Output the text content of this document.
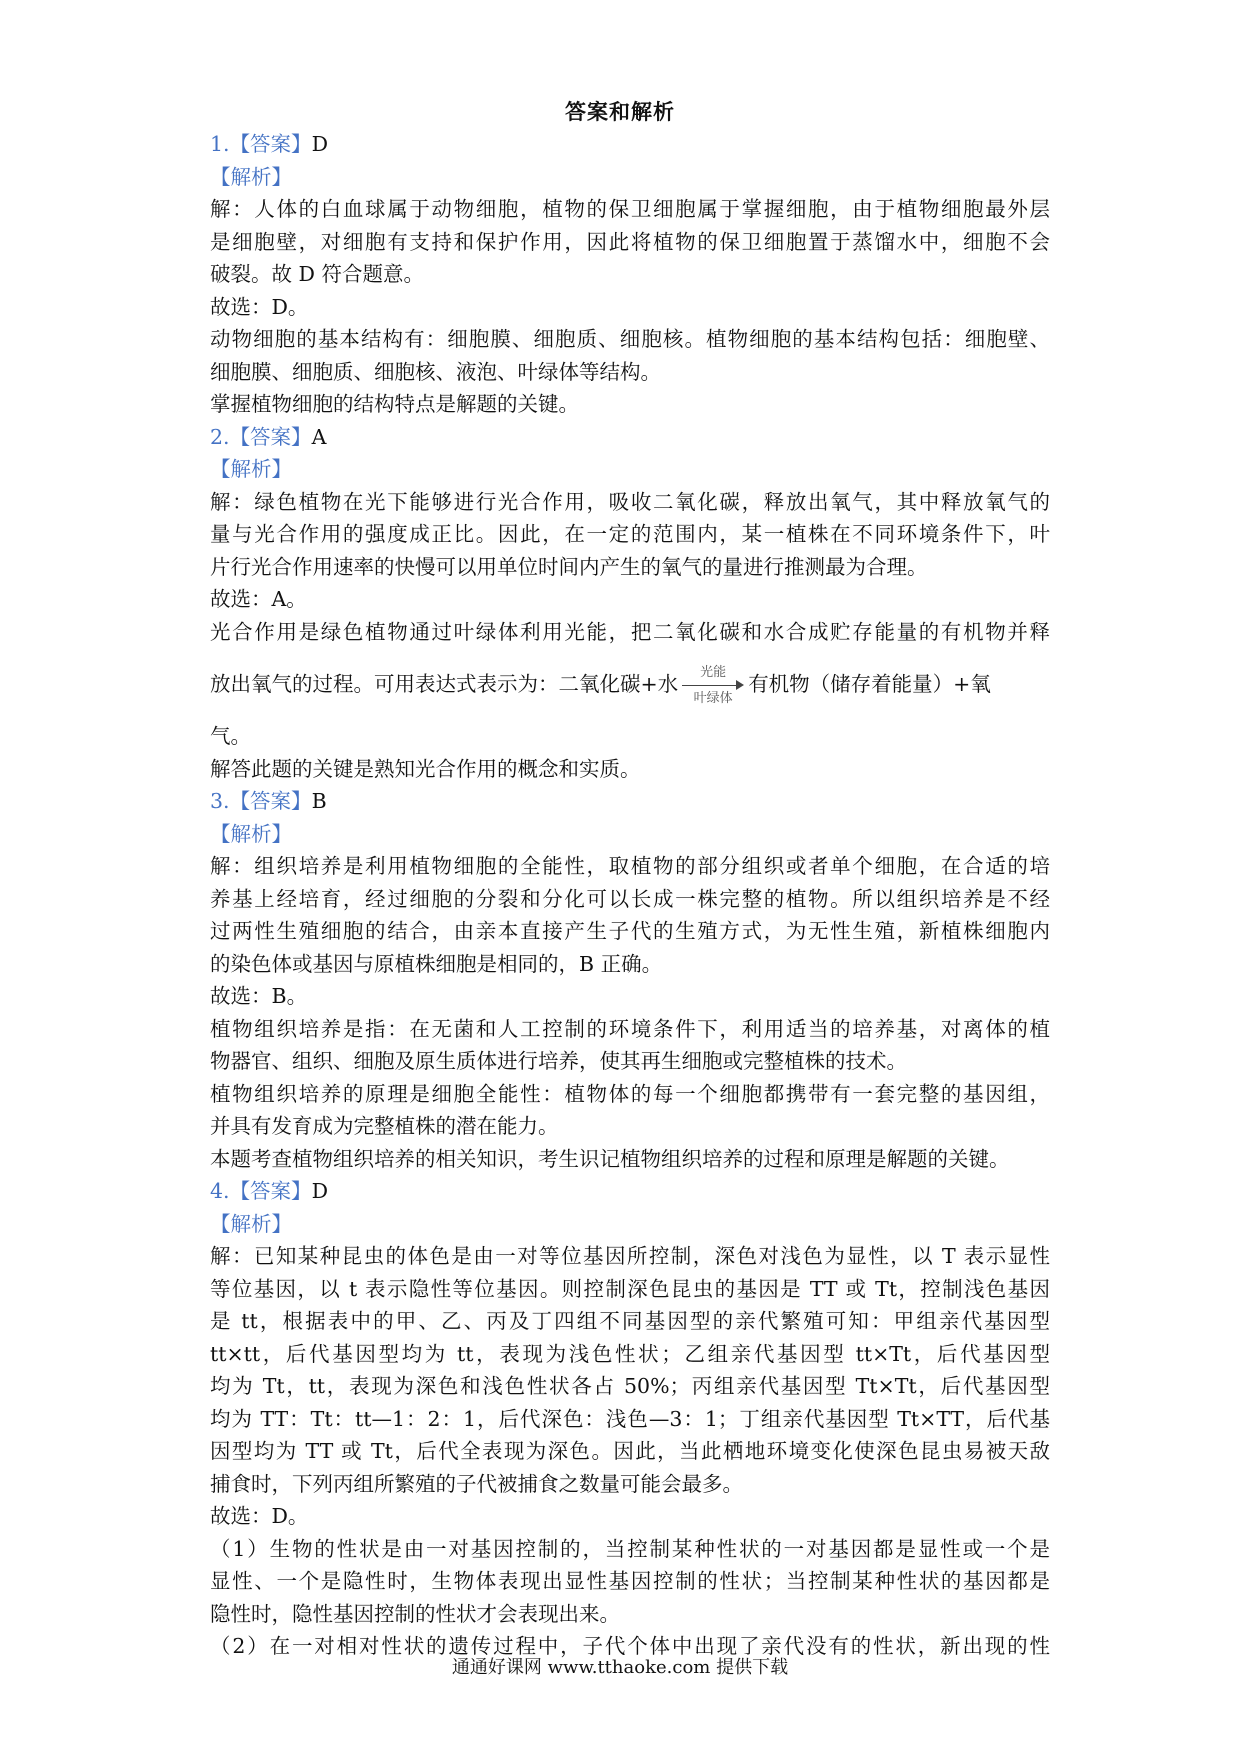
答案和解析
1.【答案】D
【解析】
解：人体的白血球属于动物细胞，植物的保卫细胞属于掌握细胞，由于植物细胞最外层
是细胞壁，对细胞有支持和保护作用，因此将植物的保卫细胞置于蒸馏水中，细胞不会
破裂。故 D 符合题意。
故选：D。
动物细胞的基本结构有：细胞膜、细胞质、细胞核。植物细胞的基本结构包括：细胞壁、
细胞膜、细胞质、细胞核、液泡、叶绿体等结构。
掌握植物细胞的结构特点是解题的关键。
2.【答案】A
【解析】
解：绿色植物在光下能够进行光合作用，吸收二氧化碳，释放出氧气，其中释放氧气的
量与光合作用的强度成正比。因此，在一定的范围内，某一植株在不同环境条件下，叶
片行光合作用速率的快慢可以用单位时间内产生的氧气的量进行推测最为合理。
故选：A。
光合作用是绿色植物通过叶绿体利用光能，把二氧化碳和水合成贮存能量的有机物并释
放出氧气的过程。可用表达式表示为：二氧化碳+水	光能
叶绿体
有机物（储存着能量）+氧
气。
解答此题的关键是熟知光合作用的概念和实质。
3.【答案】B
【解析】
解：组织培养是利用植物细胞的全能性，取植物的部分组织或者单个细胞，在合适的培
养基上经培育，经过细胞的分裂和分化可以长成一株完整的植物。所以组织培养是不经
过两性生殖细胞的结合，由亲本直接产生子代的生殖方式，为无性生殖，新植株细胞内
的染色体或基因与原植株细胞是相同的，B 正确。
故选：B。
植物组织培养是指：在无菌和人工控制的环境条件下，利用适当的培养基，对离体的植
物器官、组织、细胞及原生质体进行培养，使其再生细胞或完整植株的技术。
植物组织培养的原理是细胞全能性：植物体的每一个细胞都携带有一套完整的基因组，
并具有发育成为完整植株的潜在能力。
本题考查植物组织培养的相关知识，考生识记植物组织培养的过程和原理是解题的关键。
4.【答案】D
【解析】
解：已知某种昆虫的体色是由一对等位基因所控制，深色对浅色为显性，以 T 表示显性
等位基因，以 t 表示隐性等位基因。则控制深色昆虫的基因是 TT 或 Tt，控制浅色基因
是 tt，根据表中的甲、乙、丙及丁四组不同基因型的亲代繁殖可知：甲组亲代基因型
tt×tt，后代基因型均为 tt，表现为浅色性状；乙组亲代基因型 tt×Tt，后代基因型
均为 Tt，tt，表现为深色和浅色性状各占 50%；丙组亲代基因型 Tt×Tt，后代基因型
均为 TT：Tt：tt—1：2：1，后代深色：浅色—3：1；丁组亲代基因型 Tt×TT，后代基
因型均为 TT 或 Tt，后代全表现为深色。因此，当此栖地环境变化使深色昆虫易被天敌
捕食时，下列丙组所繁殖的子代被捕食之数量可能会最多。
故选：D。
（1）生物的性状是由一对基因控制的，当控制某种性状的一对基因都是显性或一个是
显性、一个是隐性时，生物体表现出显性基因控制的性状；当控制某种性状的基因都是
隐性时，隐性基因控制的性状才会表现出来。
（2）在一对相对性状的遗传过程中，子代个体中出现了亲代没有的性状，新出现的性
通通好课网 www.tthaoke.com 提供下载
